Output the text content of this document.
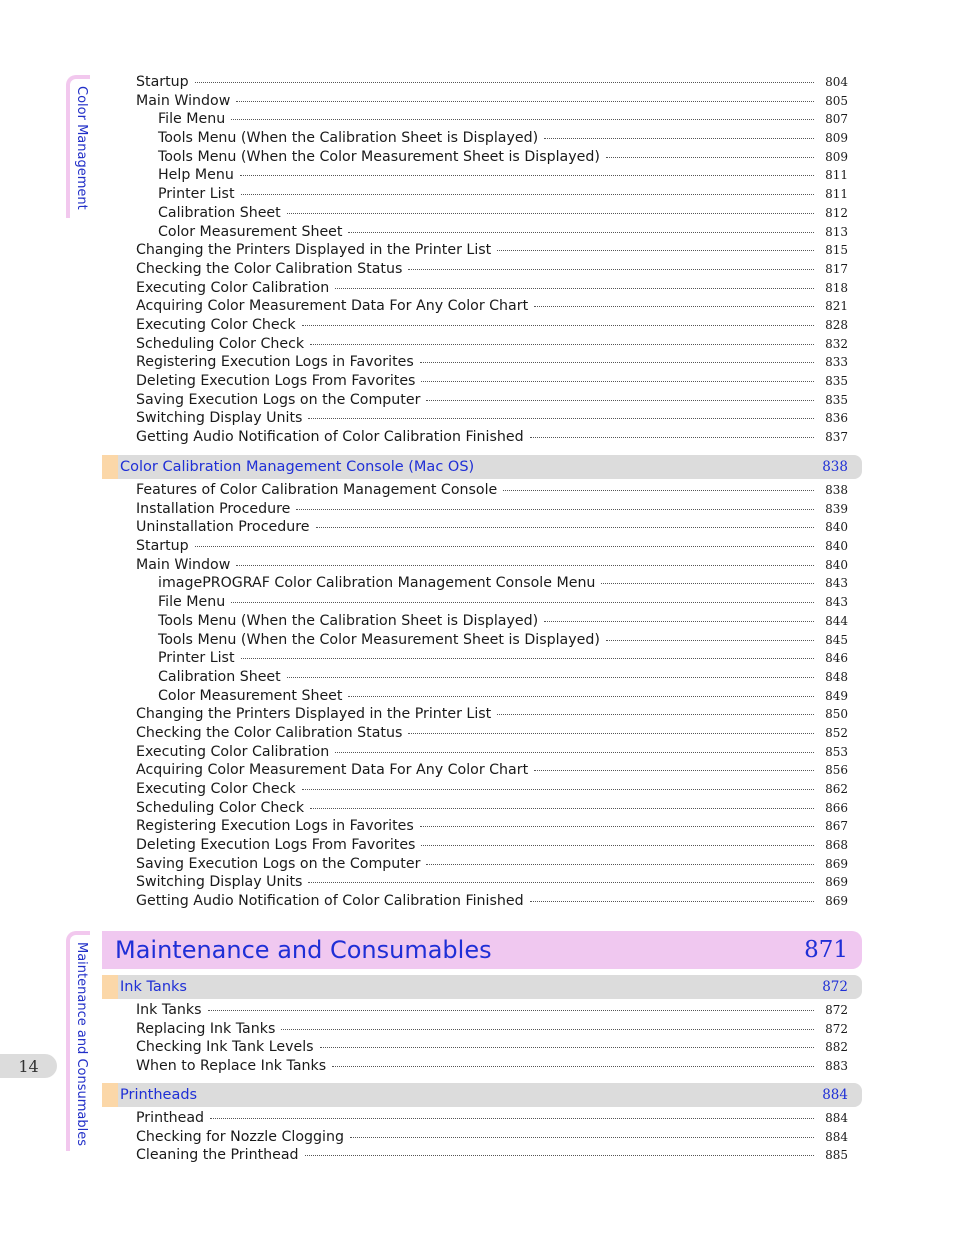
Color Management
Maintenance and Consumables
14
Startup	804
Main Window	805
File Menu	807
Tools Menu (When the Calibration Sheet is Displayed)	809
Tools Menu (When the Color Measurement Sheet is Displayed)	809
Help Menu	811
Printer List	811
Calibration Sheet	812
Color Measurement Sheet	813
Changing the Printers Displayed in the Printer List	815
Checking the Color Calibration Status	817
Executing Color Calibration	818
Acquiring Color Measurement Data For Any Color Chart	821
Executing Color Check	828
Scheduling Color Check	832
Registering Execution Logs in Favorites	833
Deleting Execution Logs From Favorites	835
Saving Execution Logs on the Computer	835
Switching Display Units	836
Getting Audio Notification of Color Calibration Finished	837
Color Calibration Management Console (Mac OS)	838
Features of Color Calibration Management Console	838
Installation Procedure	839
Uninstallation Procedure	840
Startup	840
Main Window	840
imagePROGRAF Color Calibration Management Console Menu	843
File Menu	843
Tools Menu (When the Calibration Sheet is Displayed)	844
Tools Menu (When the Color Measurement Sheet is Displayed)	845
Printer List	846
Calibration Sheet	848
Color Measurement Sheet	849
Changing the Printers Displayed in the Printer List	850
Checking the Color Calibration Status	852
Executing Color Calibration	853
Acquiring Color Measurement Data For Any Color Chart	856
Executing Color Check	862
Scheduling Color Check	866
Registering Execution Logs in Favorites	867
Deleting Execution Logs From Favorites	868
Saving Execution Logs on the Computer	869
Switching Display Units	869
Getting Audio Notification of Color Calibration Finished	869
Maintenance and Consumables	871
Ink Tanks	872
Ink Tanks	872
Replacing Ink Tanks	872
Checking Ink Tank Levels	882
When to Replace Ink Tanks	883
Printheads	884
Printhead	884
Checking for Nozzle Clogging	884
Cleaning the Printhead	885
